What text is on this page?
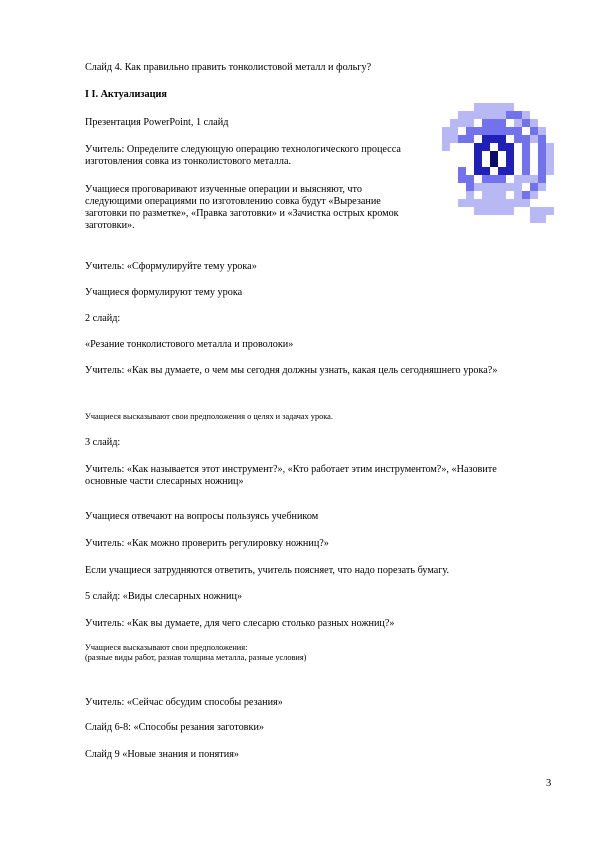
Слайд 4. Как правильно править тонколистовой металл и фольгу?

I I. Актуализация

Презентация PowerPoint, 1 слайд

Учитель: Определите следующую операцию технологического процесса изготовления совка из тонколистового металла.

Учащиеся проговаривают изученные операции и выясняют, что следующими операциями по изготовлению совка будут «Вырезание заготовки по разметке», «Правка заготовки» и «Зачистка острых кромок заготовки».

Учитель: «Сформулируйте тему урока»

Учащиеся формулируют тему урока

2 слайд:

«Резание тонколистового металла и проволоки»

Учитель: «Как вы думаете, о чем мы сегодня должны узнать, какая цель сегодняшнего урока?»

Учащиеся высказывают свои предположения о целях и задачах урока.

3 слайд:

Учитель: «Как называется этот инструмент?», «Кто работает этим инструментом?», «Назовите основные части слесарных ножниц»

Учащиеся отвечают на вопросы пользуясь учебником

Учитель: «Как можно проверить регулировку ножниц?»

Если учащиеся затрудняются ответить, учитель поясняет, что надо порезать бумагу.

5 слайд: «Виды слесарных ножниц»

Учитель: «Как вы думаете, для чего слесарю столько разных ножниц?»

Учащиеся высказывают свои предположения:
(разные виды работ, разная толщина металла, разные условия)

Учитель: «Сейчас обсудим способы резания»

Слайд 6-8: «Способы резания заготовки»

Слайд 9 «Новые знания и понятия»

3
